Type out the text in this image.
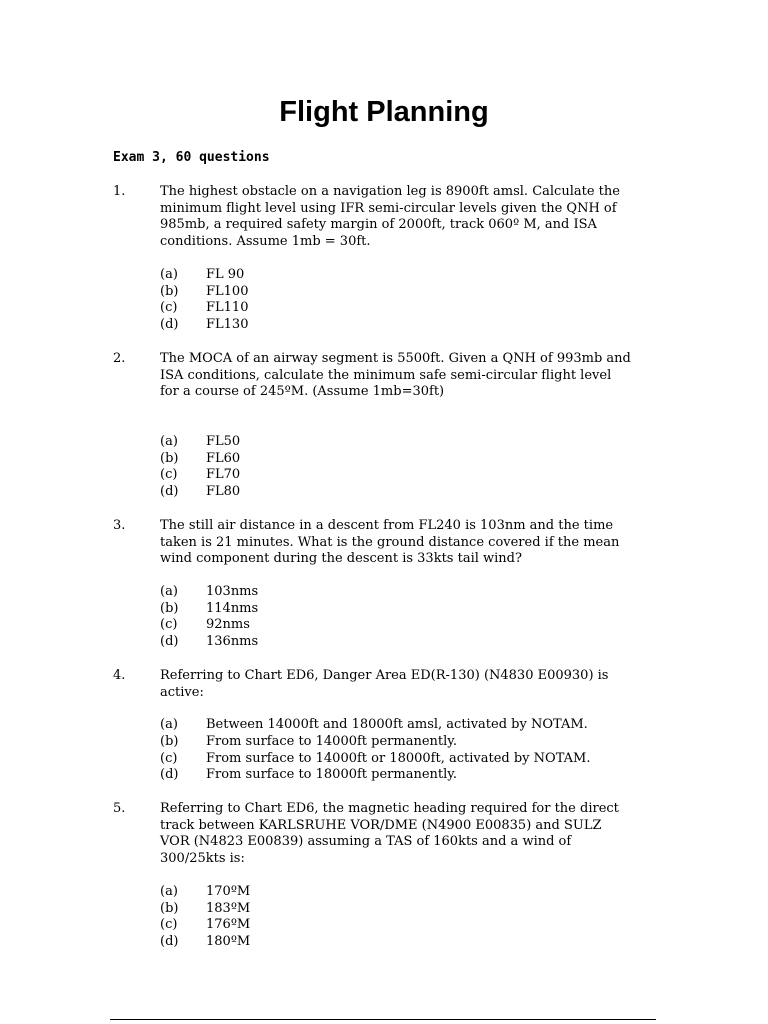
Flight Planning

Exam 3, 60 questions

1.	The highest obstacle on a navigation leg is 8900ft amsl. Calculate the
minimum flight level using IFR semi-circular levels given the QNH of
985mb, a required safety margin of 2000ft, track 060º M, and ISA
conditions. Assume 1mb = 30ft.
(a) FL 90
(b) FL100
(c) FL110
(d) FL130
2.	The MOCA of an airway segment is 5500ft. Given a QNH of 993mb and
ISA conditions, calculate the minimum safe semi-circular flight level
for a course of 245ºM. (Assume 1mb=30ft)
(a) FL50
(b) FL60
(c) FL70
(d) FL80
3.	The still air distance in a descent from FL240 is 103nm and the time
taken is 21 minutes. What is the ground distance covered if the mean
wind component during the descent is 33kts tail wind?
(a) 103nms
(b) 114nms
(c) 92nms
(d) 136nms
4.	Referring to Chart ED6, Danger Area ED(R-130) (N4830 E00930) is
active:
(a) Between 14000ft and 18000ft amsl, activated by NOTAM.
(b) From surface to 14000ft permanently.
(c) From surface to 14000ft or 18000ft, activated by NOTAM.
(d) From surface to 18000ft permanently.
5.	Referring to Chart ED6, the magnetic heading required for the direct
track between KARLSRUHE VOR/DME (N4900 E00835) and SULZ
VOR (N4823 E00839) assuming a TAS of 160kts and a wind of
300/25kts is:
(a) 170ºM
(b) 183ºM
(c) 176ºM
(d) 180ºM
